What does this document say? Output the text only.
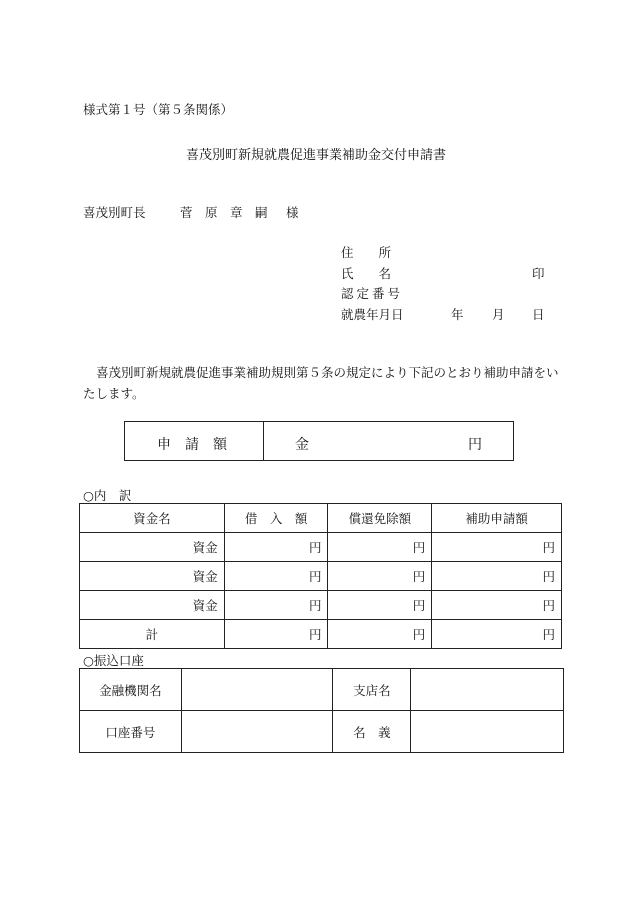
様式第１号（第５条関係）
喜茂別町新規就農促進事業補助金交付申請書
喜茂別町長	菅　原　章　嗣 様
住　　所
氏　　名	印
認定番号
就農年月日	年 月 日
喜茂別町新規就農促進事業補助規則第５条の規定により下記のとおり補助申請をいたします。
申　請　額	金	円
○内　訳
資金名	借　入　額	償還免除額	補助申請額
資金	円	円	円
資金	円	円	円
資金	円	円	円
計	円	円	円
○振込口座
金融機関名		支店名	
口座番号		名　義	
